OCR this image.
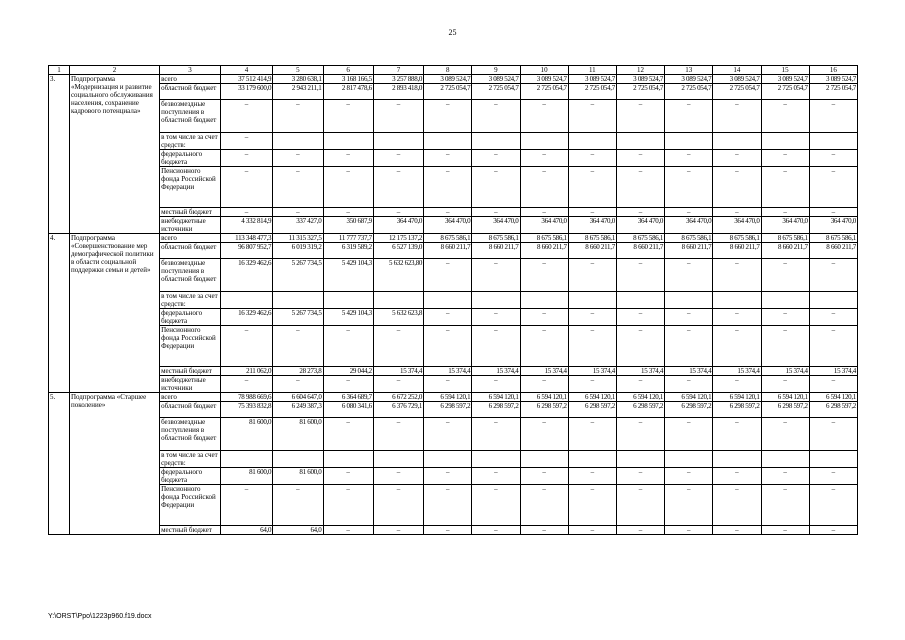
25
1	2	3	4	5	6	7	8	9	10	11	12	13	14	15	16
3.	Подпрограмма «Модернизация и развитие социального обслуживания населения, сохранение кадрового потенциала»	всего	37 512 414,9	3 280 638,1	3 168 166,5	3 257 888,0	3 089 524,7	3 089 524,7	3 089 524,7	3 089 524,7	3 089 524,7	3 089 524,7	3 089 524,7	3 089 524,7	3 089 524,7
		областной бюджет	33 179 600,0	2 943 211,1	2 817 478,6	2 893 418,0	2 725 054,7	2 725 054,7	2 725 054,7	2 725 054,7	2 725 054,7	2 725 054,7	2 725 054,7	2 725 054,7	2 725 054,7
		безвозмездные поступления в областной бюджет	–	–	–	–	–	–	–	–	–	–	–	–	–
		в том числе за счет средств:	–												
		федерального бюджета	–	–	–	–	–	–	–	–	–	–	–	–	–
		Пенсионного фонда Российской Федерации	–	–	–	–	–	–	–	–	–	–	–	–	–
		местный бюджет	–	–	–	–	–	–	–	–	–	–	–	–	–
		внебюджетные источники	4 332 814,9	337 427,0	350 687,9	364 470,0	364 470,0	364 470,0	364 470,0	364 470,0	364 470,0	364 470,0	364 470,0	364 470,0	364 470,0
4.	Подпрограмма «Совершенствование мер демографической политики в области социальной поддержки семьи и детей»	всего	113 348 477,3	11 315 327,5	11 777 737,7	12 175 137,2	8 675 586,1	8 675 586,1	8 675 586,1	8 675 586,1	8 675 586,1	8 675 586,1	8 675 586,1	8 675 586,1	8 675 586,1
		областной бюджет	96 807 952,7	6 019 319,2	6 319 589,2	6 527 139,0	8 660 211,7	8 660 211,7	8 660 211,7	8 660 211,7	8 660 211,7	8 660 211,7	8 660 211,7	8 660 211,7	8 660 211,7
		безвозмездные поступления в областной бюджет	16 329 462,6	5 267 734,5	5 429 104,3	5 632 623,80	–	–	–	–	–	–	–	–	–
		в том числе за счет средств:													
		федерального бюджета	16 329 462,6	5 267 734,5	5 429 104,3	5 632 623,8	–	–	–	–	–	–	–	–	–
		Пенсионного фонда Российской Федерации	–	–	–	–	–	–	–	–	–	–	–	–	–
		местный бюджет	211 062,0	28 273,8	29 044,2	15 374,4	15 374,4	15 374,4	15 374,4	15 374,4	15 374,4	15 374,4	15 374,4	15 374,4	15 374,4
		внебюджетные источники	–	–	–	–	–	–	–	–	–	–	–	–	–
5.	Подпрограмма «Старшее поколение»	всего	78 988 669,6	6 604 647,0	6 364 689,7	6 672 252,0	6 594 120,1	6 594 120,1	6 594 120,1	6 594 120,1	6 594 120,1	6 594 120,1	6 594 120,1	6 594 120,1	6 594 120,1
		областной бюджет	75 393 832,8	6 249 387,3	6 080 341,6	6 376 729,1	6 298 597,2	6 298 597,2	6 298 597,2	6 298 597,2	6 298 597,2	6 298 597,2	6 298 597,2	6 298 597,2	6 298 597,2
		безвозмездные поступления в областной бюджет	81 600,0	81 600,0	–	–	–	–	–	–	–	–	–	–	–
		в том числе за счет средств:													
		федерального бюджета	81 600,0	81 600,0	–	–	–	–	–	–	–	–	–	–	–
		Пенсионного фонда Российской Федерации	–	–	–	–	–	–	–	–	–	–	–	–	–
		местный бюджет	64,0	64,0	–	–	–	–	–	–	–	–	–	–	–
Y:\ORST\Ppo\1223p960.f19.docx
